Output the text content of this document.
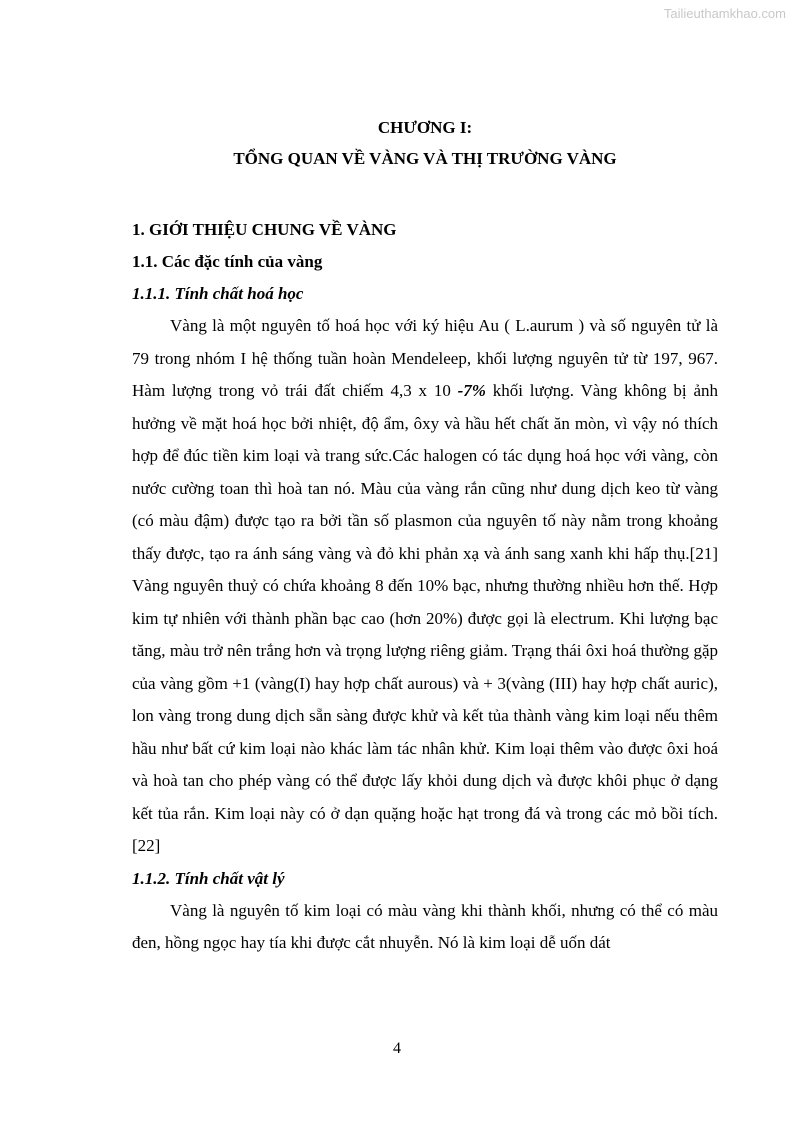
Tailieuthamkhao.com

CHƯƠNG I:

TỔNG QUAN VỀ VÀNG VÀ THỊ TRƯỜNG VÀNG

1. GIỚI THIỆU CHUNG VỀ VÀNG

1.1. Các đặc tính của vàng

1.1.1. Tính chất hoá học

Vàng là một nguyên tố hoá học với ký hiệu Au ( L.aurum ) và số nguyên tử là 79 trong nhóm I hệ thống tuần hoàn Mendeleep, khối lượng nguyên tử từ 197, 967. Hàm lượng trong vỏ trái đất chiếm 4,3 x 10 -7% khối lượng. Vàng không bị ảnh hưởng về mặt hoá học bởi nhiệt, độ ẩm, ôxy và hầu hết chất ăn mòn, vì vậy nó thích hợp để đúc tiền kim loại và trang sức.Các halogen có tác dụng hoá học với vàng, còn nước cường toan thì hoà tan nó. Màu của vàng rắn cũng như dung dịch keo từ vàng (có màu đậm) được tạo ra bởi tần số plasmon của nguyên tố này nằm trong khoảng thấy được, tạo ra ánh sáng vàng và đỏ khi phản xạ và ánh sang xanh khi hấp thụ.[21] Vàng nguyên thuỷ có chứa khoảng 8 đến 10% bạc, nhưng thường nhiều hơn thế. Hợp kim tự nhiên với thành phần bạc cao (hơn 20%) được gọi là electrum. Khi lượng bạc tăng, màu trở nên trắng hơn và trọng lượng riêng giảm. Trạng thái ôxi hoá thường gặp của vàng gồm +1 (vàng(I) hay hợp chất aurous) và + 3(vàng (III) hay hợp chất auric), lon vàng trong dung dịch sẵn sàng được khử và kết tủa thành vàng kim loại nếu thêm hầu như bất cứ kim loại nào khác làm tác nhân khử. Kim loại thêm vào được ôxi hoá và hoà tan cho phép vàng có thể được lấy khỏi dung dịch và được khôi phục ở dạng kết tủa rắn. Kim loại này có ở dạn quặng hoặc hạt trong đá và trong các mỏ bồi tích.[22]

1.1.2. Tính chất vật lý

Vàng là nguyên tố kim loại có màu vàng khi thành khối, nhưng có thể có màu đen, hồng ngọc hay tía khi được cắt nhuyễn. Nó là kim loại dễ uốn dát

4
